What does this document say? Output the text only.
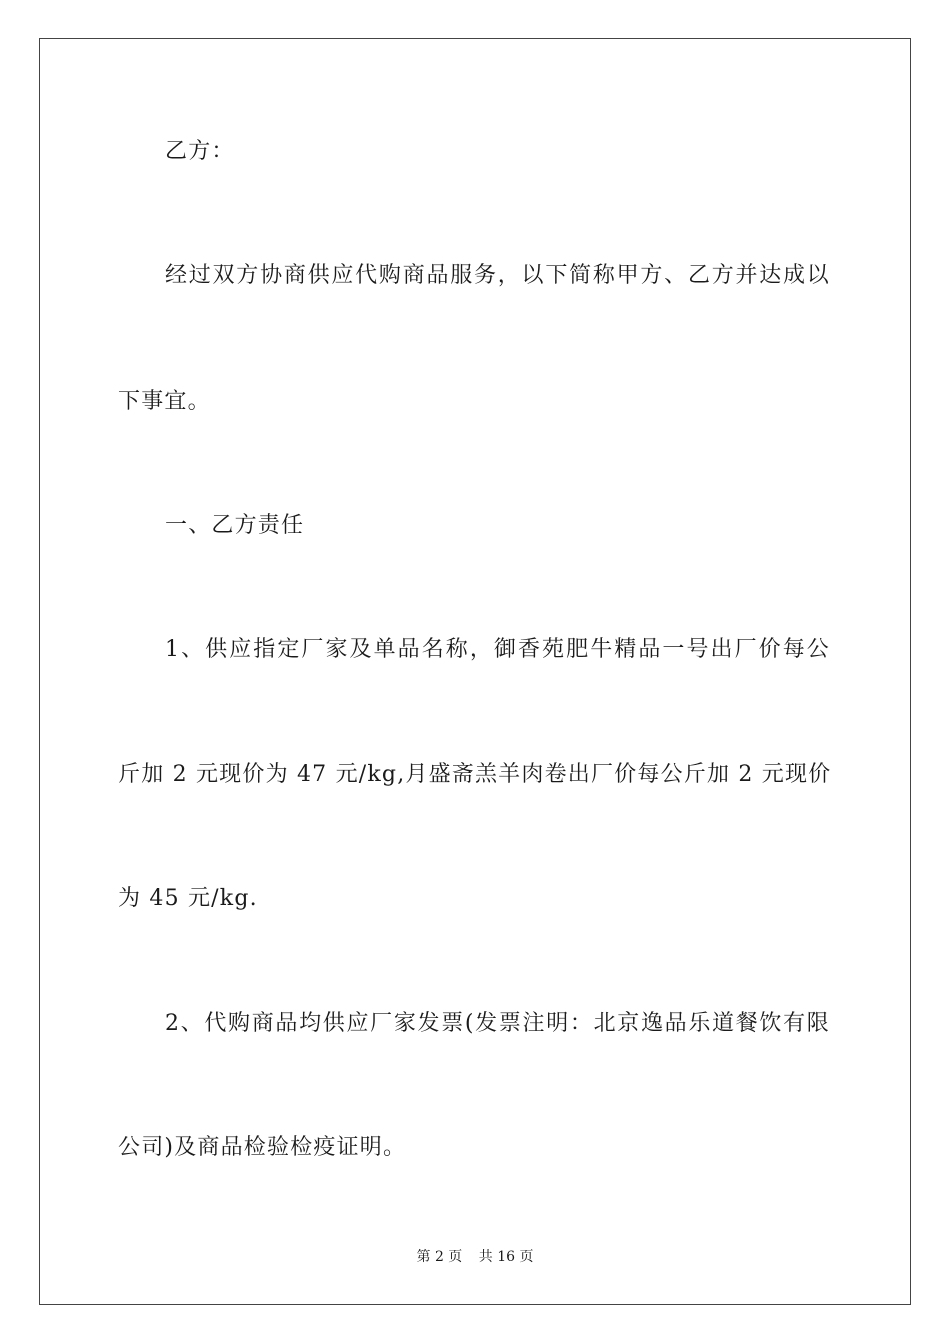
乙方：
经过双方协商供应代购商品服务，以下简称甲方、乙方并达成以
下事宜。
一、乙方责任
1、供应指定厂家及单品名称，御香苑肥牛精品一号出厂价每公
斤加 2 元现价为 47 元/kg,月盛斋羔羊肉卷出厂价每公斤加 2 元现价
为 45 元/kg.
2、代购商品均供应厂家发票(发票注明：北京逸品乐道餐饮有限
公司)及商品检验检疫证明。
第 2 页 共 16 页
